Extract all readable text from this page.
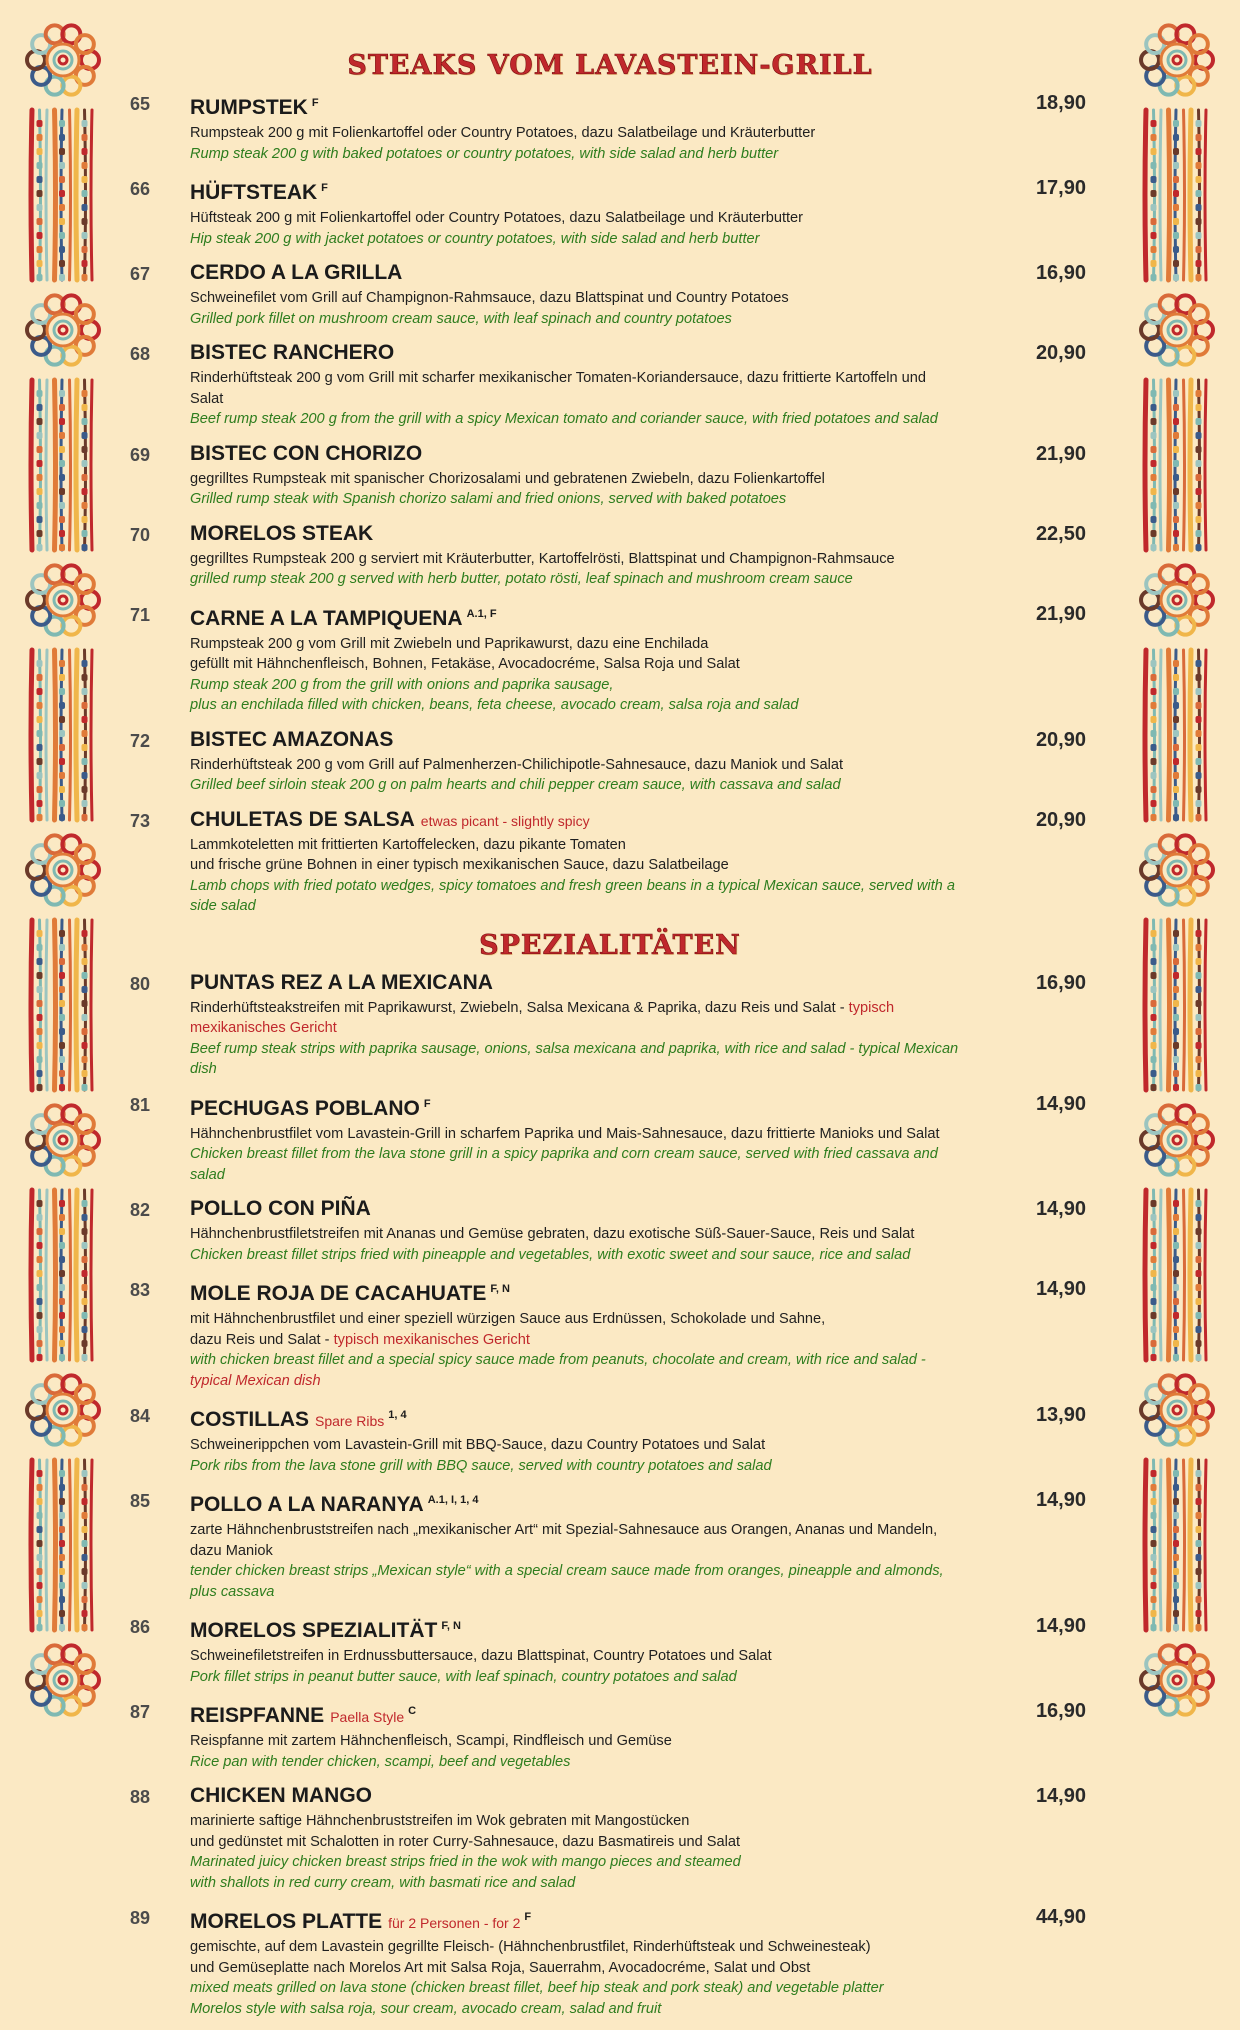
STEAKS VOM LAVASTEIN-GRILL
65	RUMPSTEK $^F$
Rumpsteak 200 g mit Folienkartoffel oder Country Potatoes, dazu Salatbeilage und Kräuterbutter
Rump steak 200 g with baked potatoes or country potatoes, with side salad and herb butter
18,90
66	HÜFTSTEAK $^F$
Hüftsteak 200 g mit Folienkartoffel oder Country Potatoes, dazu Salatbeilage und Kräuterbutter
Hip steak 200 g with jacket potatoes or country potatoes, with side salad and herb butter
17,90
67	CERDO A LA GRILLA
Schweinefilet vom Grill auf Champignon-Rahmsauce, dazu Blattspinat und Country Potatoes
Grilled pork fillet on mushroom cream sauce, with leaf spinach and country potatoes
16,90
68	BISTEC RANCHERO
Rinderhüftsteak 200 g vom Grill mit scharfer mexikanischer Tomaten-Koriandersauce, dazu frittierte Kartoffeln und Salat
Beef rump steak 200 g from the grill with a spicy Mexican tomato and coriander sauce, with fried potatoes and salad
20,90
69	BISTEC CON CHORIZO
gegrilltes Rumpsteak mit spanischer Chorizosalami und gebratenen Zwiebeln, dazu Folienkartoffel
Grilled rump steak with Spanish chorizo salami and fried onions, served with baked potatoes
21,90
70	MORELOS STEAK
gegrilltes Rumpsteak 200 g serviert mit Kräuterbutter, Kartoffelrösti, Blattspinat und Champignon-Rahmsauce
grilled rump steak 200 g served with herb butter, potato rösti, leaf spinach and mushroom cream sauce
22,50
71	CARNE A LA TAMPIQUENA $^{A.1, F}$
Rumpsteak 200 g vom Grill mit Zwiebeln und Paprikawurst, dazu eine Enchilada
gefüllt mit Hähnchenfleisch, Bohnen, Fetakäse, Avocadocréme, Salsa Roja und Salat
Rump steak 200 g from the grill with onions and paprika sausage,
plus an enchilada filled with chicken, beans, feta cheese, avocado cream, salsa roja and salad
21,90
72	BISTEC AMAZONAS
Rinderhüftsteak 200 g vom Grill auf Palmenherzen-Chilichipotle-Sahnesauce, dazu Maniok und Salat
Grilled beef sirloin steak 200 g on palm hearts and chili pepper cream sauce, with cassava and salad
20,90
73	CHULETAS DE SALSA etwas picant - slightly spicy
Lammkoteletten mit frittierten Kartoffelecken, dazu pikante Tomaten
und frische grüne Bohnen in einer typisch mexikanischen Sauce, dazu Salatbeilage
Lamb chops with fried potato wedges, spicy tomatoes and fresh green beans in a typical Mexican sauce, served with a side salad
20,90
SPEZIALITÄTEN
80	PUNTAS REZ A LA MEXICANA
Rinderhüftsteakstreifen mit Paprikawurst, Zwiebeln, Salsa Mexicana & Paprika, dazu Reis und Salat - typisch mexikanisches Gericht
Beef rump steak strips with paprika sausage, onions, salsa mexicana and paprika, with rice and salad - typical Mexican dish
16,90
81	PECHUGAS POBLANO $^F$
Hähnchenbrustfilet vom Lavastein-Grill in scharfem Paprika und Mais-Sahnesauce, dazu frittierte Manioks und Salat
Chicken breast fillet from the lava stone grill in a spicy paprika and corn cream sauce, served with fried cassava and salad
14,90
82	POLLO CON PIÑA
Hähnchenbrustfiletstreifen mit Ananas und Gemüse gebraten, dazu exotische Süß-Sauer-Sauce, Reis und Salat
Chicken breast fillet strips fried with pineapple and vegetables, with exotic sweet and sour sauce, rice and salad
14,90
83	MOLE ROJA DE CACAHUATE $^{F, N}$
mit Hähnchenbrustfilet und einer speziell würzigen Sauce aus Erdnüssen, Schokolade und Sahne,
dazu Reis und Salat - typisch mexikanisches Gericht
with chicken breast fillet and a special spicy sauce made from peanuts, chocolate and cream, with rice and salad - typical Mexican dish
14,90
84	COSTILLAS Spare Ribs $^{1, 4}$
Schweinerippchen vom Lavastein-Grill mit BBQ-Sauce, dazu Country Potatoes und Salat
Pork ribs from the lava stone grill with BBQ sauce, served with country potatoes and salad
13,90
85	POLLO A LA NARANYA $^{A.1, I, 1, 4}$
zarte Hähnchenbruststreifen nach „mexikanischer Art“ mit Spezial-Sahnesauce aus Orangen, Ananas und Mandeln, dazu Maniok
tender chicken breast strips „Mexican style“ with a special cream sauce made from oranges, pineapple and almonds, plus cassava
14,90
86	MORELOS SPEZIALITÄT $^{F, N}$
Schweinefiletstreifen in Erdnussbuttersauce, dazu Blattspinat, Country Potatoes und Salat
Pork fillet strips in peanut butter sauce, with leaf spinach, country potatoes and salad
14,90
87	REISPFANNE Paella Style $^C$
Reispfanne mit zartem Hähnchenfleisch, Scampi, Rindfleisch und Gemüse
Rice pan with tender chicken, scampi, beef and vegetables
16,90
88	CHICKEN MANGO
marinierte saftige Hähnchenbruststreifen im Wok gebraten mit Mangostücken
und gedünstet mit Schalotten in roter Curry-Sahnesauce, dazu Basmatireis und Salat
Marinated juicy chicken breast strips fried in the wok with mango pieces and steamed
with shallots in red curry cream, with basmati rice and salad
14,90
89	MORELOS PLATTE für 2 Personen - for 2 $^F$
gemischte, auf dem Lavastein gegrillte Fleisch- (Hähnchenbrustfilet, Rinderhüftsteak und Schweinesteak)
und Gemüseplatte nach Morelos Art mit Salsa Roja, Sauerrahm, Avocadocréme, Salat und Obst
mixed meats grilled on lava stone (chicken breast fillet, beef hip steak and pork steak) and vegetable platter
Morelos style with salsa roja, sour cream, avocado cream, salad and fruit
44,90
